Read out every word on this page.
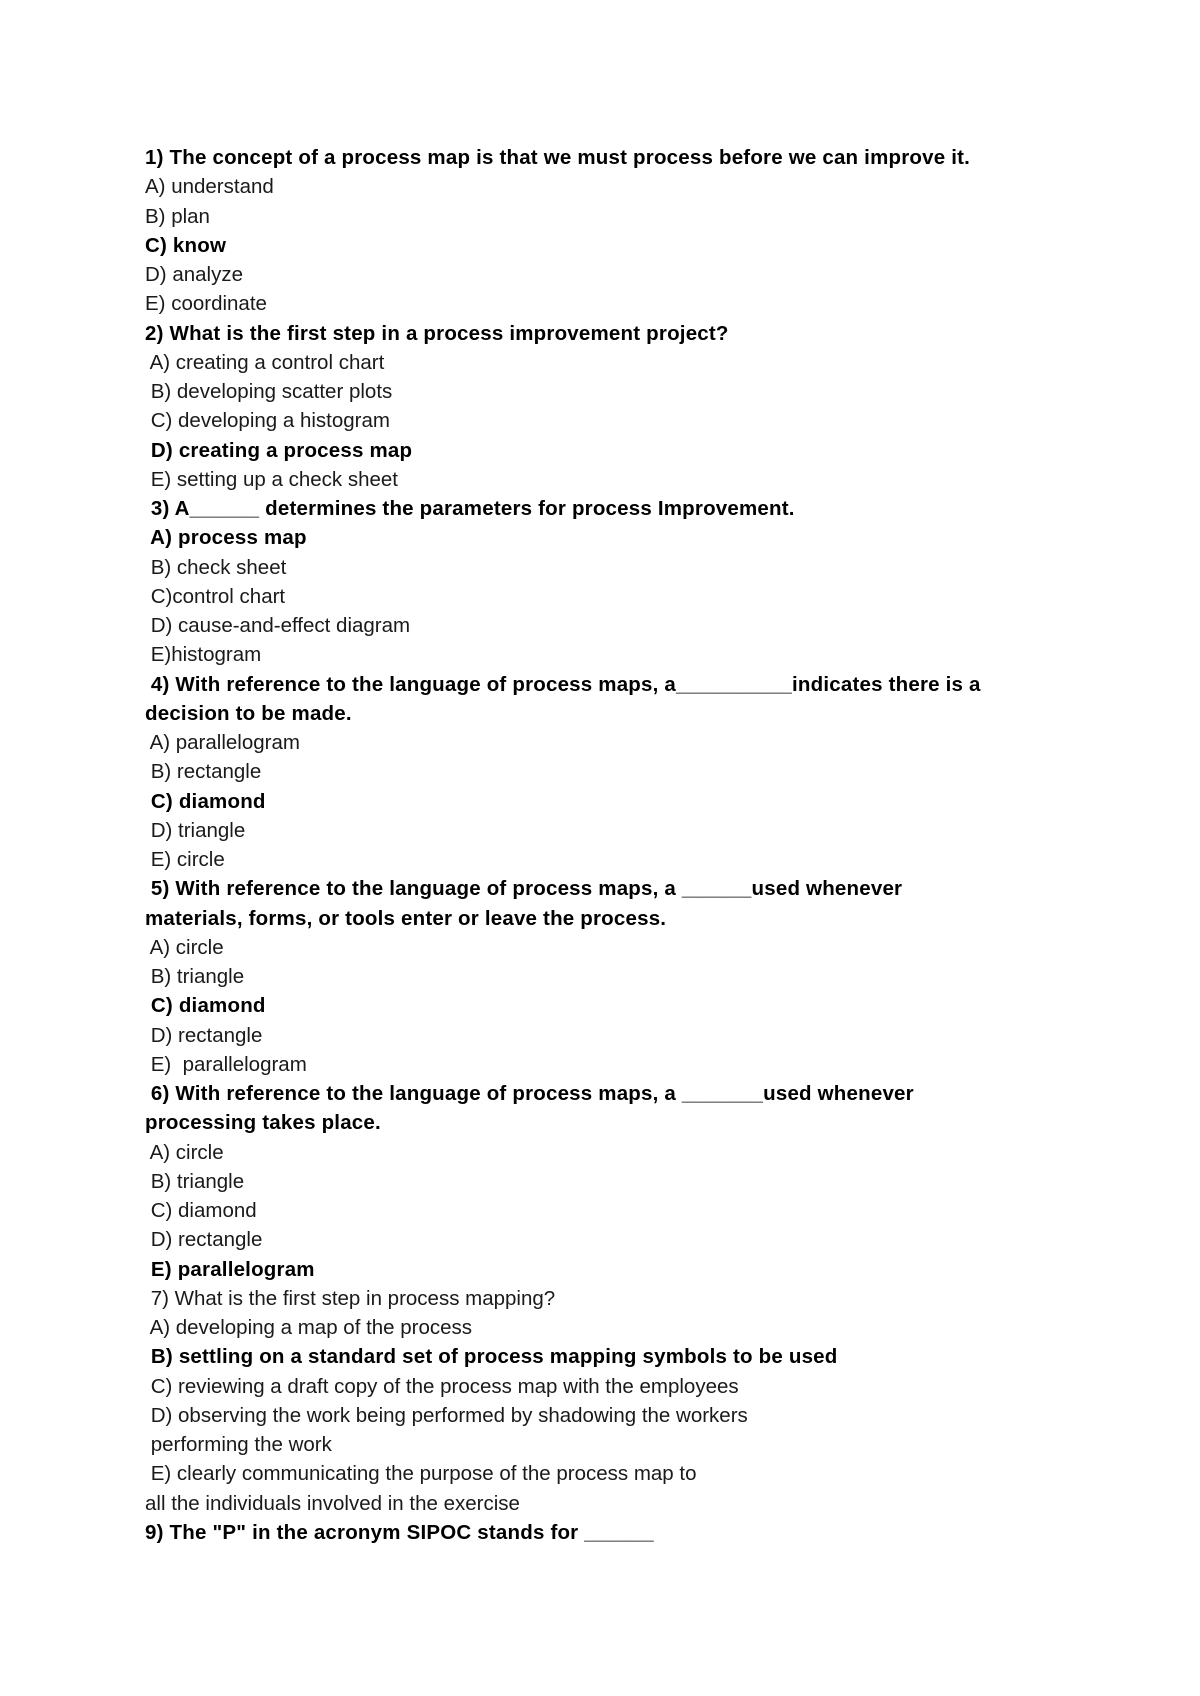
1) The concept of a process map is that we must process before we can improve it.
A) understand
B) plan
C) know
D) analyze
E) coordinate
2) What is the first step in a process improvement project?
A) creating a control chart
B) developing scatter plots
C) developing a histogram
D) creating a process map
E) setting up a check sheet
3) A______ determines the parameters for process Improvement.
A) process map
B) check sheet
C)control chart
D) cause-and-effect diagram
E)histogram
4) With reference to the language of process maps, a__________indicates there is a
decision to be made.
A) parallelogram
B) rectangle
C) diamond
D) triangle
E) circle
5) With reference to the language of process maps, a ______used whenever
materials, forms, or tools enter or leave the process.
A) circle
B) triangle
C) diamond
D) rectangle
E)  parallelogram
6) With reference to the language of process maps, a _______used whenever
processing takes place.
A) circle
B) triangle
C) diamond
D) rectangle
E) parallelogram
7) What is the first step in process mapping?
A) developing a map of the process
B) settling on a standard set of process mapping symbols to be used
C) reviewing a draft copy of the process map with the employees
D) observing the work being performed by shadowing the workers
performing the work
E) clearly communicating the purpose of the process map to
all the individuals involved in the exercise
9) The "P" in the acronym SIPOC stands for ______
